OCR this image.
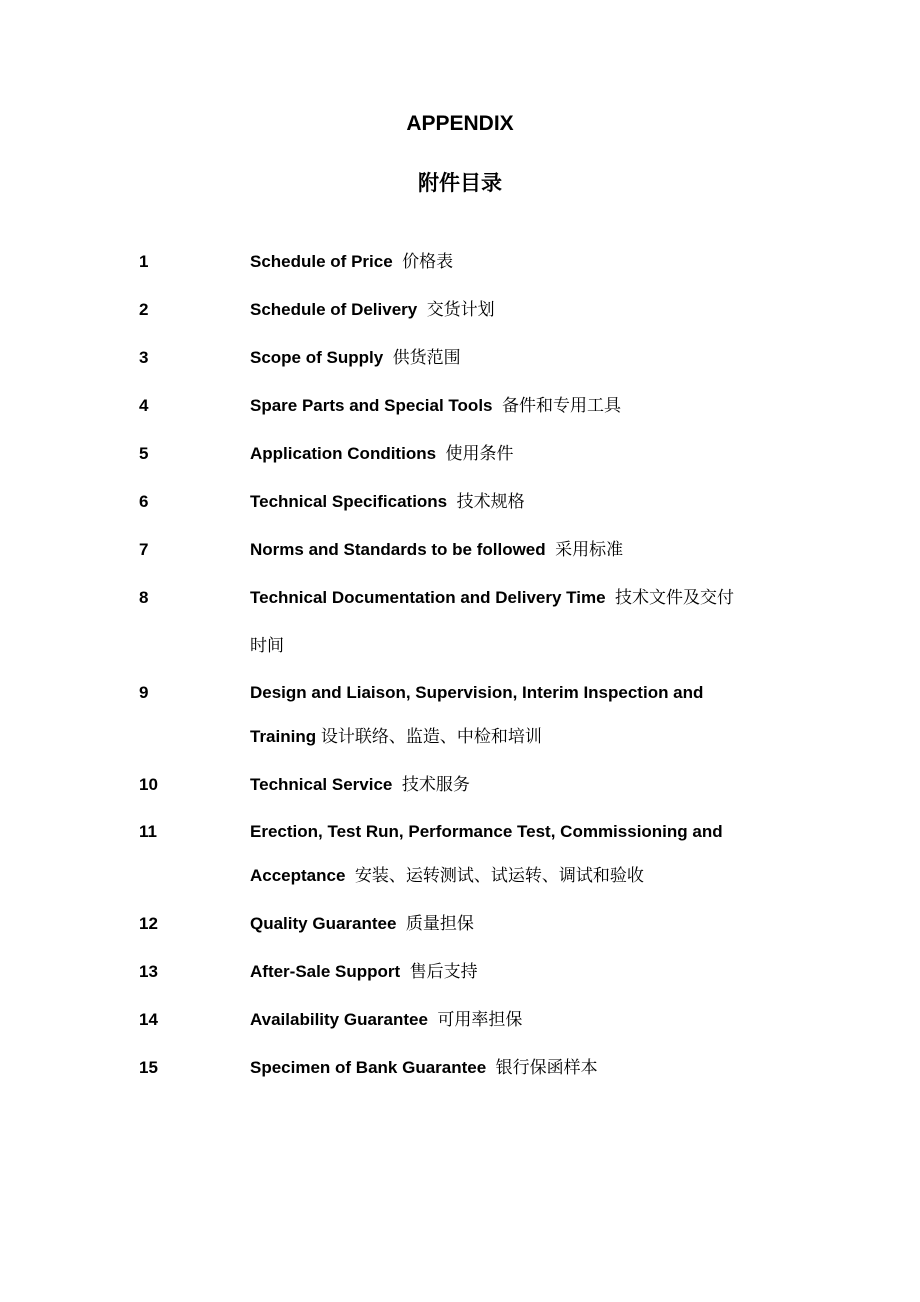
APPENDIX
附件目录
1	Schedule of Price 价格表
2	Schedule of Delivery 交货计划
3	Scope of Supply 供货范围
4	Spare Parts and Special Tools 备件和专用工具
5	Application Conditions 使用条件
6	Technical Specifications 技术规格
7	Norms and Standards to be followed 采用标准
8	Technical Documentation and Delivery Time 技术文件及交付
时间
9	Design and Liaison, Supervision, Interim Inspection and
Training 设计联络、监造、中检和培训
10	Technical Service 技术服务
11	Erection, Test Run, Performance Test, Commissioning and
Acceptance 安装、运转测试、试运转、调试和验收
12	Quality Guarantee 质量担保
13	After-Sale Support 售后支持
14	Availability Guarantee 可用率担保
15	Specimen of Bank Guarantee 银行保函样本
